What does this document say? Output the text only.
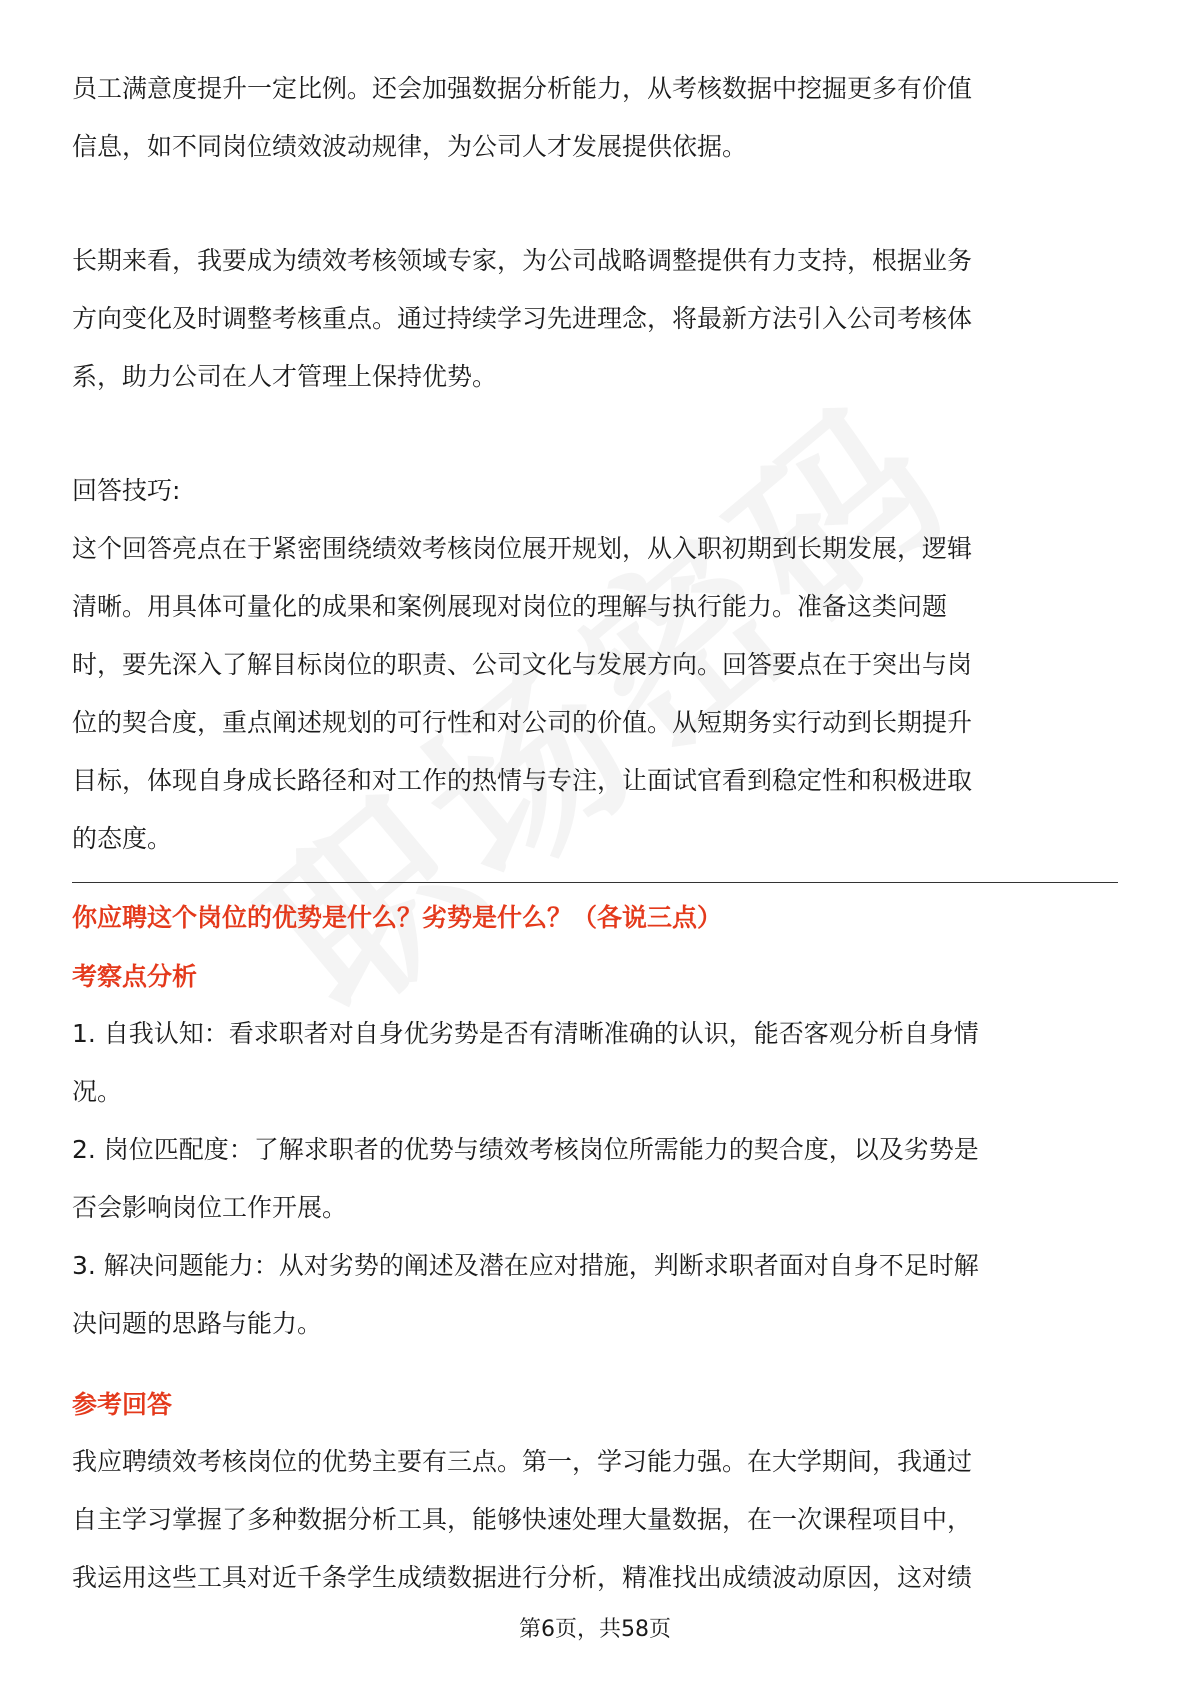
员工满意度提升一定比例。还会加强数据分析能力，从考核数据中挖掘更多有价值

信息，如不同岗位绩效波动规律，为公司人才发展提供依据。

长期来看，我要成为绩效考核领域专家，为公司战略调整提供有力支持，根据业务

方向变化及时调整考核重点。通过持续学习先进理念，将最新方法引入公司考核体

系，助力公司在人才管理上保持优势。

回答技巧:

这个回答亮点在于紧密围绕绩效考核岗位展开规划，从入职初期到长期发展，逻辑

清晰。用具体可量化的成果和案例展现对岗位的理解与执行能力。准备这类问题

时，要先深入了解目标岗位的职责、公司文化与发展方向。回答要点在于突出与岗

位的契合度，重点阐述规划的可行性和对公司的价值。从短期务实行动到长期提升

目标，体现自身成长路径和对工作的热情与专注，让面试官看到稳定性和积极进取

的态度。

你应聘这个岗位的优势是什么？劣势是什么？（各说三点）

考察点分析

1. 自我认知：看求职者对自身优劣势是否有清晰准确的认识，能否客观分析自身情

况。

2. 岗位匹配度：了解求职者的优势与绩效考核岗位所需能力的契合度，以及劣势是

否会影响岗位工作开展。

3. 解决问题能力：从对劣势的阐述及潜在应对措施，判断求职者面对自身不足时解

决问题的思路与能力。

参考回答

我应聘绩效考核岗位的优势主要有三点。第一，学习能力强。在大学期间，我通过

自主学习掌握了多种数据分析工具，能够快速处理大量数据，在一次课程项目中，

我运用这些工具对近千条学生成绩数据进行分析，精准找出成绩波动原因，这对绩

第6页，共58页
